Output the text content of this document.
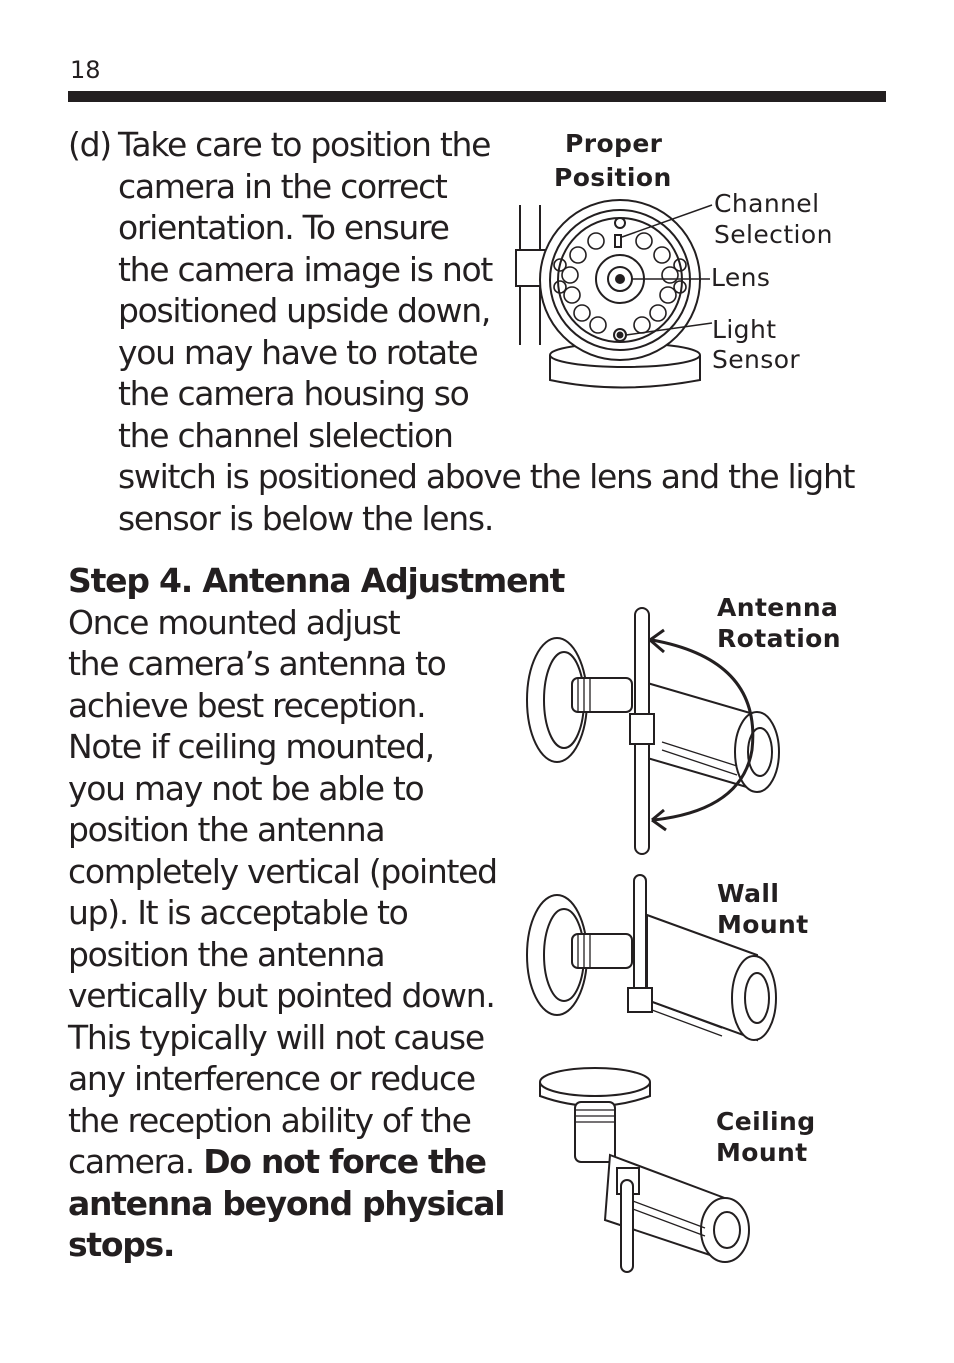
18
(d) Take care to position the
camera in the correct
orientation. To ensure
the camera image is not
positioned upside down,
you may have to rotate
the camera housing so
the channel slelection
switch is positioned above the lens and the light
sensor is below the lens.
Step 4. Antenna Adjustment
Once mounted adjust
the camera’s antenna to
achieve best reception.
Note if ceiling mounted,
you may not be able to
position the antenna
completely vertical (pointed
up). It is acceptable to
position the antenna
vertically but pointed down.
This typically will not cause
any interference or reduce
the reception ability of the
camera. Do not force the
antenna beyond physical
stops.
Proper
Position
Channel
Selection
Lens
Light
Sensor
Antenna
Rotation
Wall
Mount
Ceiling
Mount
